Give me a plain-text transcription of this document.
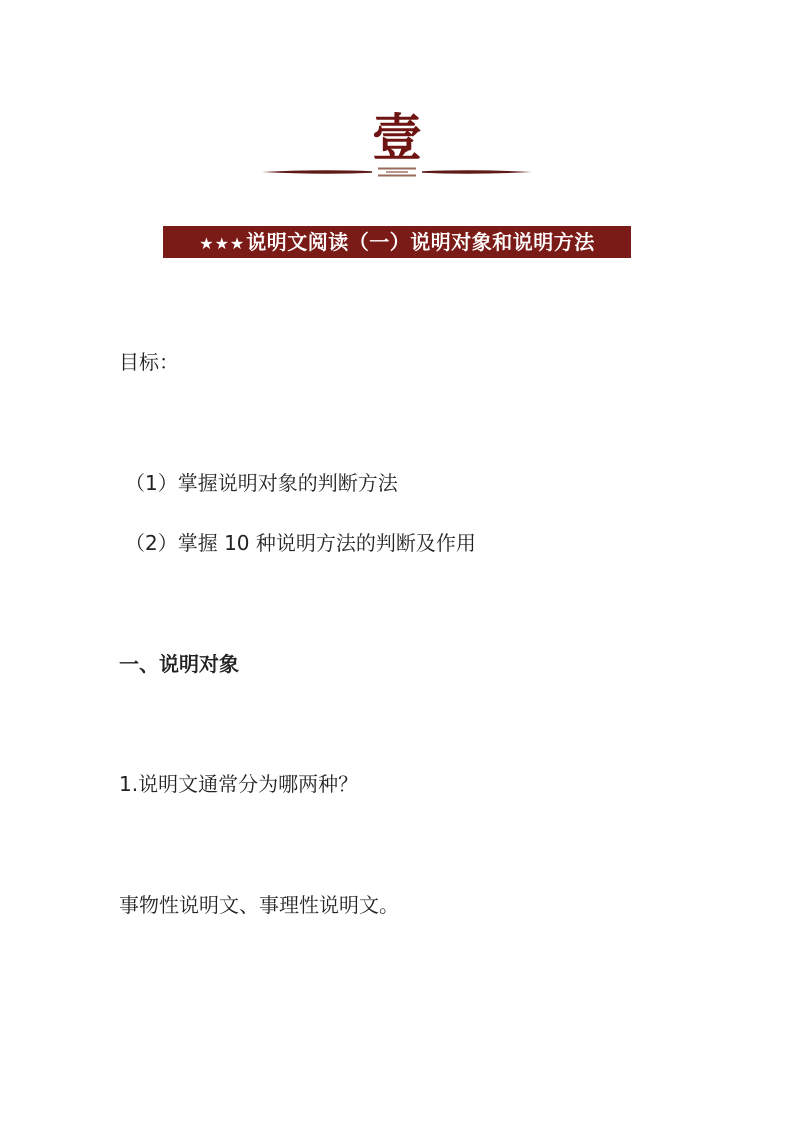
壹
★★★说明文阅读（一）说明对象和说明方法
目标：
（1）掌握说明对象的判断方法
（2）掌握 10 种说明方法的判断及作用
一、说明对象
1.说明文通常分为哪两种？
事物性说明文、事理性说明文。
